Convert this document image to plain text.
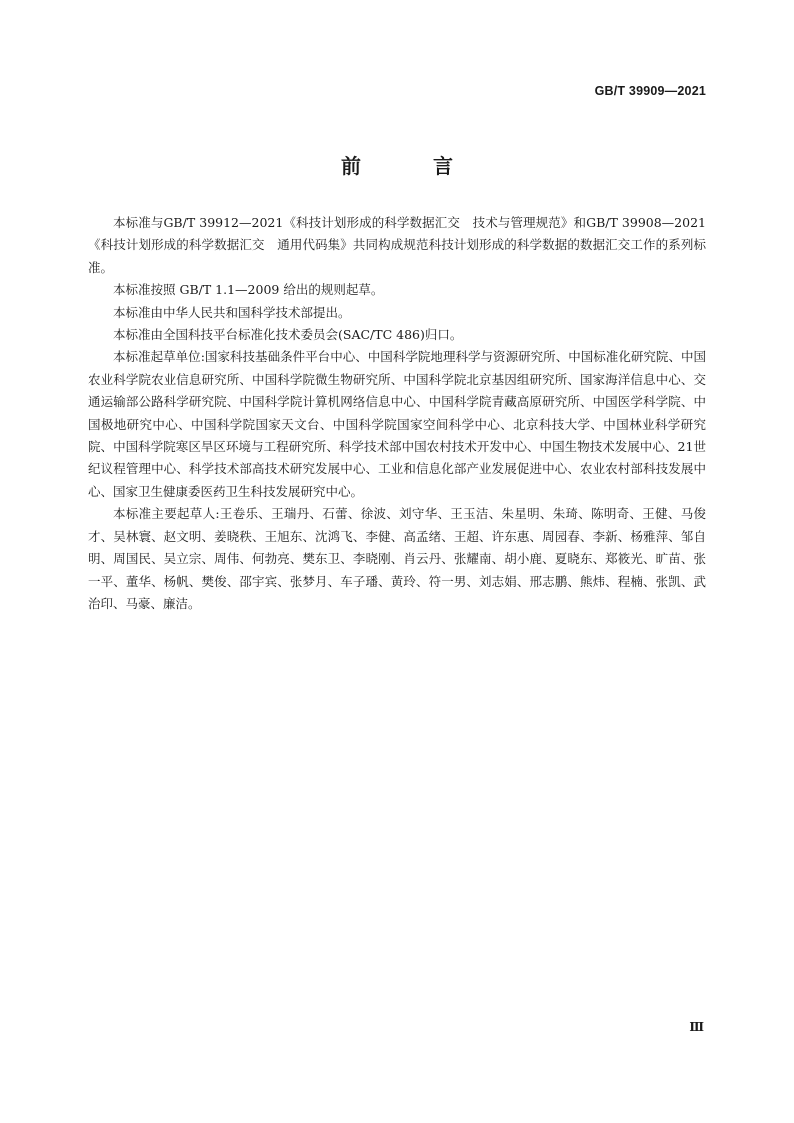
GB/T 39909—2021
前　言

本标准与GB/T 39912—2021《科技计划形成的科学数据汇交　技术与管理规范》和GB/T 39908—2021《科技计划形成的科学数据汇交　通用代码集》共同构成规范科技计划形成的科学数据的数据汇交工作的系列标准。

本标准按照 GB/T 1.1—2009 给出的规则起草。

本标准由中华人民共和国科学技术部提出。

本标准由全国科技平台标准化技术委员会(SAC/TC 486)归口。

本标准起草单位:国家科技基础条件平台中心、中国科学院地理科学与资源研究所、中国标准化研究院、中国农业科学院农业信息研究所、中国科学院微生物研究所、中国科学院北京基因组研究所、国家海洋信息中心、交通运输部公路科学研究院、中国科学院计算机网络信息中心、中国科学院青藏高原研究所、中国医学科学院、中国极地研究中心、中国科学院国家天文台、中国科学院国家空间科学中心、北京科技大学、中国林业科学研究院、中国科学院寒区旱区环境与工程研究所、科学技术部中国农村技术开发中心、中国生物技术发展中心、21世纪议程管理中心、科学技术部高技术研究发展中心、工业和信息化部产业发展促进中心、农业农村部科技发展中心、国家卫生健康委医药卫生科技发展研究中心。

本标准主要起草人:王卷乐、王瑞丹、石蕾、徐波、刘守华、王玉洁、朱星明、朱琦、陈明奇、王健、马俊才、吴林寰、赵文明、姜晓秩、王旭东、沈鸿飞、李健、高孟绪、王超、许东惠、周园春、李新、杨雅萍、邹自明、周国民、吴立宗、周伟、何勃亮、樊东卫、李晓刚、肖云丹、张耀南、胡小鹿、夏晓东、郑筱光、旷苗、张一平、董华、杨帆、樊俊、邵宇宾、张梦月、车子璠、黄玲、符一男、刘志娟、邢志鹏、熊炜、程楠、张凯、武治印、马豪、廉洁。

Ⅲ
